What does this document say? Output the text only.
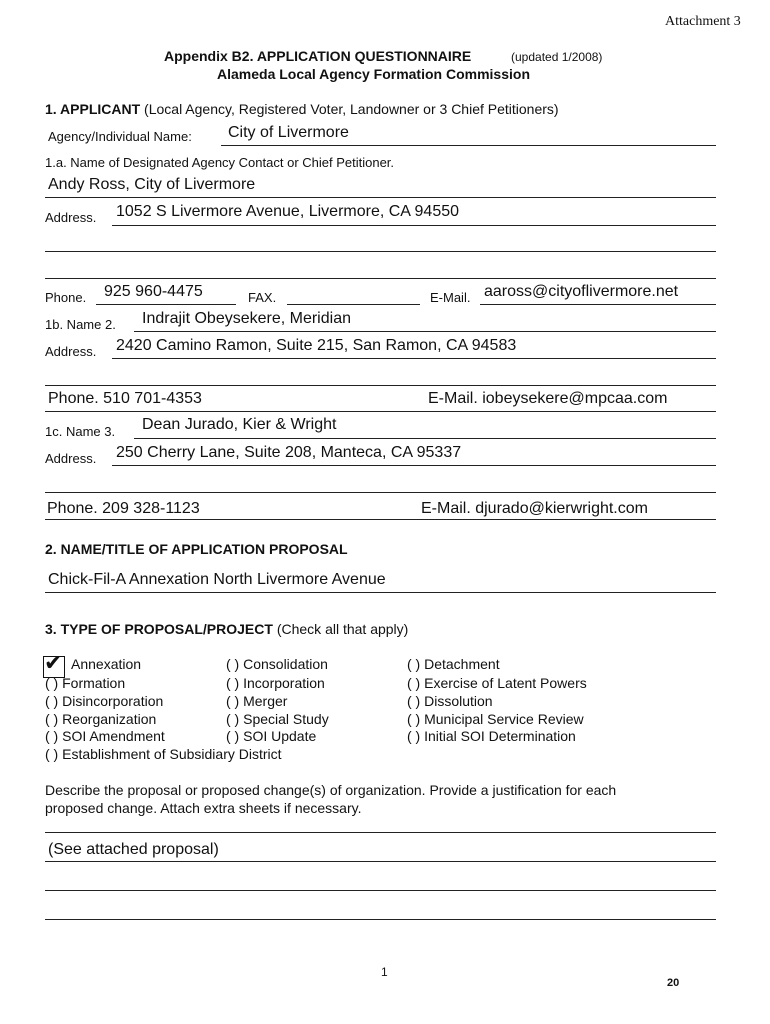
Attachment 3
Appendix B2. APPLICATION QUESTIONNAIRE	(updated 1/2008)
Alameda Local Agency Formation Commission
1. APPLICANT (Local Agency, Registered Voter, Landowner or 3 Chief Petitioners)
Agency/Individual Name: City of Livermore
1.a. Name of Designated Agency Contact or Chief Petitioner.
Andy Ross, City of Livermore
Address. 1052 S Livermore Avenue, Livermore, CA 94550
Phone. 925 960-4475	FAX.	E-Mail. aaross@cityoflivermore.net
1b. Name 2. Indrajit Obeysekere, Meridian
Address. 2420 Camino Ramon, Suite 215, San Ramon, CA 94583
Phone. 510 701-4353	E-Mail. iobeysekere@mpcaa.com
1c. Name 3. Dean Jurado, Kier & Wright
Address. 250 Cherry Lane, Suite 208, Manteca, CA 95337
Phone. 209 328-1123	E-Mail. djurado@kierwright.com
2. NAME/TITLE OF APPLICATION PROPOSAL
Chick-Fil-A Annexation North Livermore Avenue
3. TYPE OF PROPOSAL/PROJECT (Check all that apply)
✔ Annexation
( ) Formation
( ) Disincorporation
( ) Reorganization
( ) SOI Amendment
( ) Establishment of Subsidiary District
( ) Consolidation
( ) Incorporation
( ) Merger
( ) Special Study
( ) SOI Update
( ) Detachment
( ) Exercise of Latent Powers
( ) Dissolution
( ) Municipal Service Review
( ) Initial SOI Determination
Describe the proposal or proposed change(s) of organization. Provide a justification for each
proposed change. Attach extra sheets if necessary.
(See attached proposal)
1
20
